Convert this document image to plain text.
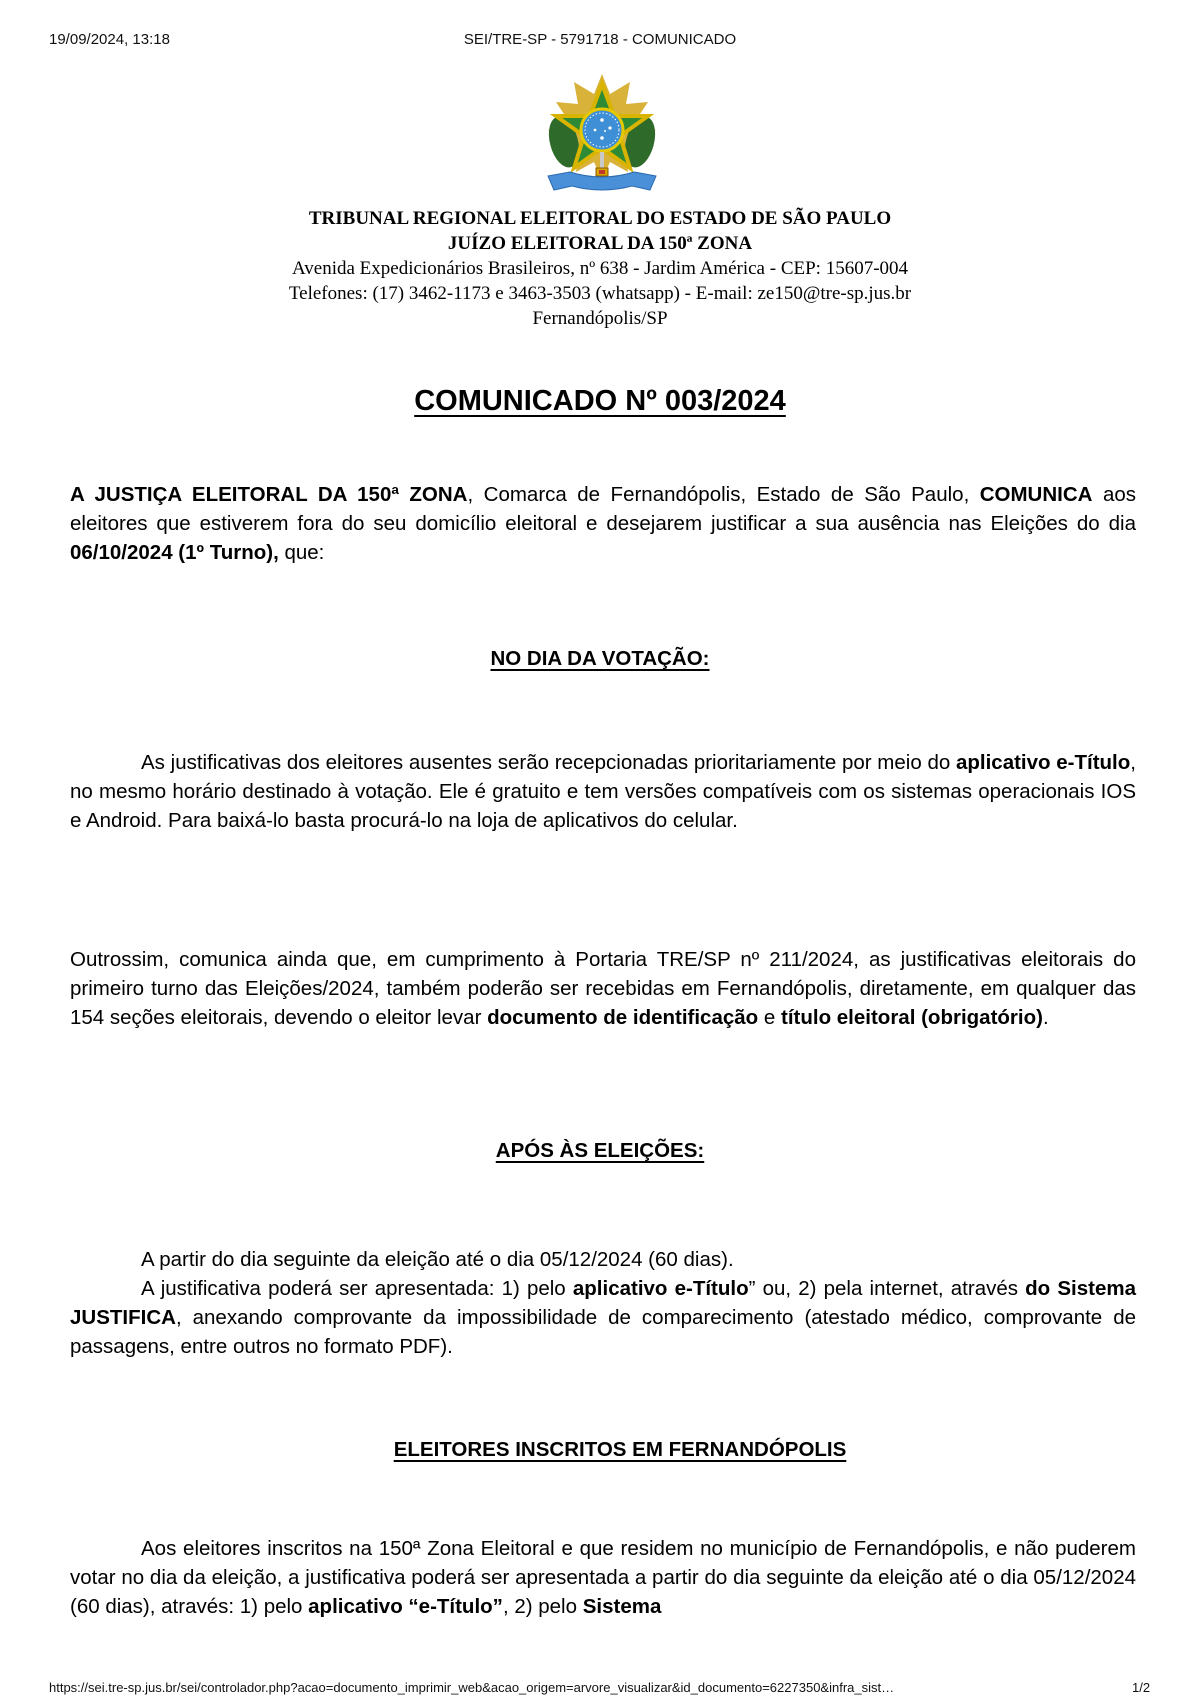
19/09/2024, 13:18	SEI/TRE-SP - 5791718 - COMUNICADO
TRIBUNAL REGIONAL ELEITORAL DO ESTADO DE SÃO PAULO
JUÍZO ELEITORAL DA 150ª ZONA
Avenida Expedicionários Brasileiros, nº 638 - Jardim América - CEP: 15607-004
Telefones: (17) 3462-1173 e 3463-3503 (whatsapp) - E-mail: ze150@tre-sp.jus.br
Fernandópolis/SP
COMUNICADO Nº 003/2024
A JUSTIÇA ELEITORAL DA 150ª ZONA, Comarca de Fernandópolis, Estado de São Paulo, COMUNICA aos eleitores que estiverem fora do seu domicílio eleitoral e desejarem justificar a sua ausência nas Eleições do dia 06/10/2024 (1º Turno), que:
NO DIA DA VOTAÇÃO:
As justificativas dos eleitores ausentes serão recepcionadas prioritariamente por meio do aplicativo e-Título, no mesmo horário destinado à votação. Ele é gratuito e tem versões compatíveis com os sistemas operacionais IOS e Android. Para baixá-lo basta procurá-lo na loja de aplicativos do celular.
Outrossim, comunica ainda que, em cumprimento à Portaria TRE/SP nº 211/2024, as justificativas eleitorais do primeiro turno das Eleições/2024, também poderão ser recebidas em Fernandópolis, diretamente, em qualquer das 154 seções eleitorais, devendo o eleitor levar documento de identificação e título eleitoral (obrigatório).
APÓS ÀS ELEIÇÕES:
A partir do dia seguinte da eleição até o dia 05/12/2024 (60 dias).
A justificativa poderá ser apresentada: 1) pelo aplicativo e-Título” ou, 2) pela internet, através do Sistema JUSTIFICA, anexando comprovante da impossibilidade de comparecimento (atestado médico, comprovante de passagens, entre outros no formato PDF).
ELEITORES INSCRITOS EM FERNANDÓPOLIS
Aos eleitores inscritos na 150ª Zona Eleitoral e que residem no município de Fernandópolis, e não puderem votar no dia da eleição, a justificativa poderá ser apresentada a partir do dia seguinte da eleição até o dia 05/12/2024 (60 dias), através: 1) pelo aplicativo “e-Título”, 2) pelo Sistema
https://sei.tre-sp.jus.br/sei/controlador.php?acao=documento_imprimir_web&acao_origem=arvore_visualizar&id_documento=6227350&infra_sist…	1/2
